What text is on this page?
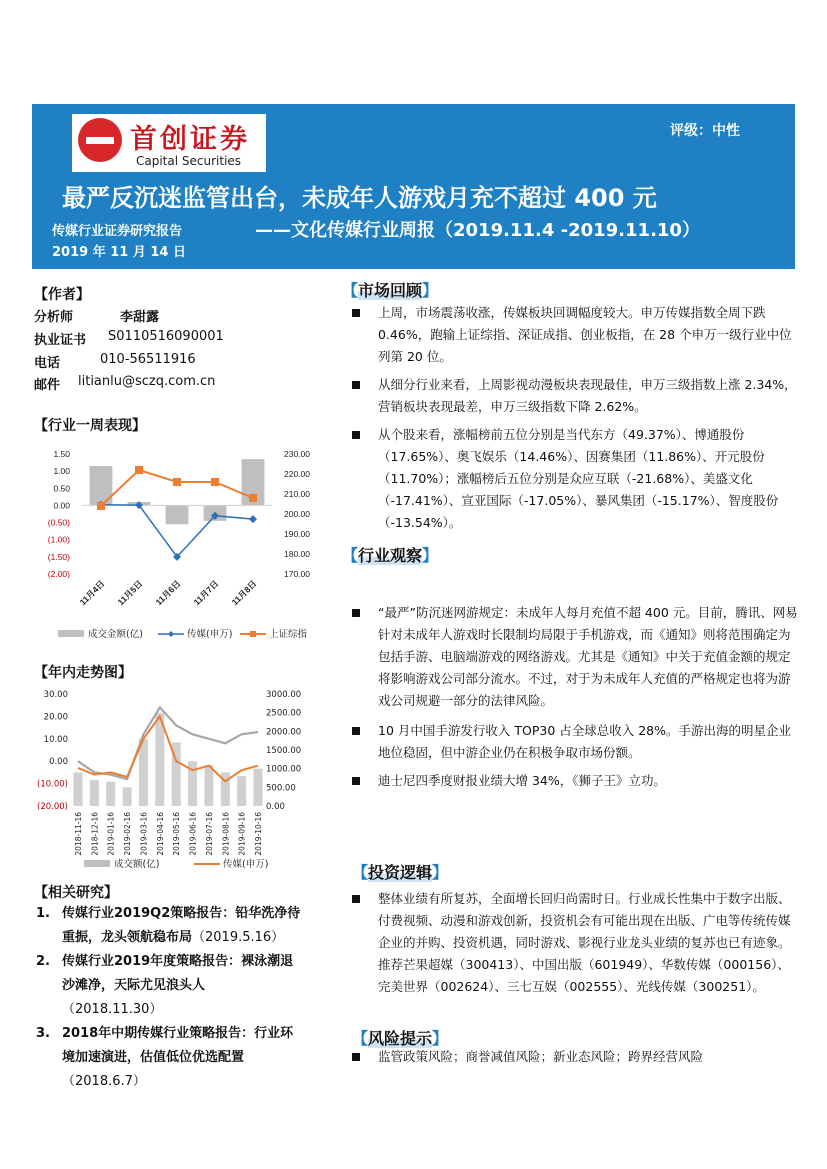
首创证券
Capital Securities
评级：中性
最严反沉迷监管出台，未成年人游戏月充不超过 400 元
传媒行业证券研究报告	——文化传媒行业周报（2019.11.4 -2019.11.10）
2019 年 11 月 14 日
【作者】
分析师	李甜露
执业证书 S0110516090001
电话	010-56511916
邮件 litianlu@sczq.com.cn
【行业一周表现】
1.50
1.00
0.50
0.00
(0.50)
(1.00)
(1.50)
(2.00)
230.00
220.00
210.00
200.00
190.00
180.00
170.00
11月4日 11月5日 11月6日 11月7日 11月8日
成交金额(亿)	传媒(申万)	上证综指
【年内走势图】
30.00
20.00
10.00
0.00
(10.00)
(20.00)
3000.00
2500.00
2000.00
1500.00
1000.00
500.00
0.00
2018-11-16 2018-12-16 2019-01-16 2019-02-16 2019-03-16 2019-04-16 2019-05-16 2019-06-16 2019-07-16 2019-08-16 2019-09-16 2019-10-16
成交额(亿)	传媒(申万)
【相关研究】
1. 传媒行业2019Q2策略报告：铅华洗净待
重振，龙头领航稳布局（2019.5.16）
2. 传媒行业2019年度策略报告：裸泳潮退
沙滩净，天际尤见浪头人
（2018.11.30）
3. 2018年中期传媒行业策略报告：行业环
境加速演进，估值低位优选配置
（2018.6.7）
【市场回顾】
上周，市场震荡收涨，传媒板块回调幅度较大。申万传媒指数全周下跌 0.46%，跑输上证综指、深证成指、创业板指，在 28 个申万一级行业中位列第 20 位。
从细分行业来看，上周影视动漫板块表现最佳，申万三级指数上涨 2.34%，营销板块表现最差，申万三级指数下降 2.62%。
从个股来看，涨幅榜前五位分别是当代东方（49.37%）、博通股份（17.65%）、奥飞娱乐（14.46%）、因赛集团（11.86%）、开元股份（11.70%）；涨幅榜后五位分别是众应互联（-21.68%）、美盛文化（-17.41%）、宣亚国际（-17.05%）、暴风集团（-15.17%）、智度股份（-13.54%）。
【行业观察】
“最严”防沉迷网游规定：未成年人每月充值不超 400 元。目前，腾讯、网易针对未成年人游戏时长限制均局限于手机游戏，而《通知》则将范围确定为包括手游、电脑端游戏的网络游戏。尤其是《通知》中关于充值金额的规定将影响游戏公司部分流水。不过，对于为未成年人充值的严格规定也将为游戏公司规避一部分的法律风险。
10 月中国手游发行收入 TOP30 占全球总收入 28%。手游出海的明星企业地位稳固，但中游企业仍在积极争取市场份额。
迪士尼四季度财报业绩大增 34%，《狮子王》立功。
【投资逻辑】
整体业绩有所复苏，全面增长回归尚需时日。行业成长性集中于数字出版、付费视频、动漫和游戏创新，投资机会有可能出现在出版、广电等传统传媒企业的并购、投资机遇，同时游戏、影视行业龙头业绩的复苏也已有迹象。推荐芒果超媒（300413）、中国出版（601949）、华数传媒（000156）、完美世界（002624）、三七互娱（002555）、光线传媒（300251）。
【风险提示】
监管政策风险；商誉减值风险；新业态风险；跨界经营风险
